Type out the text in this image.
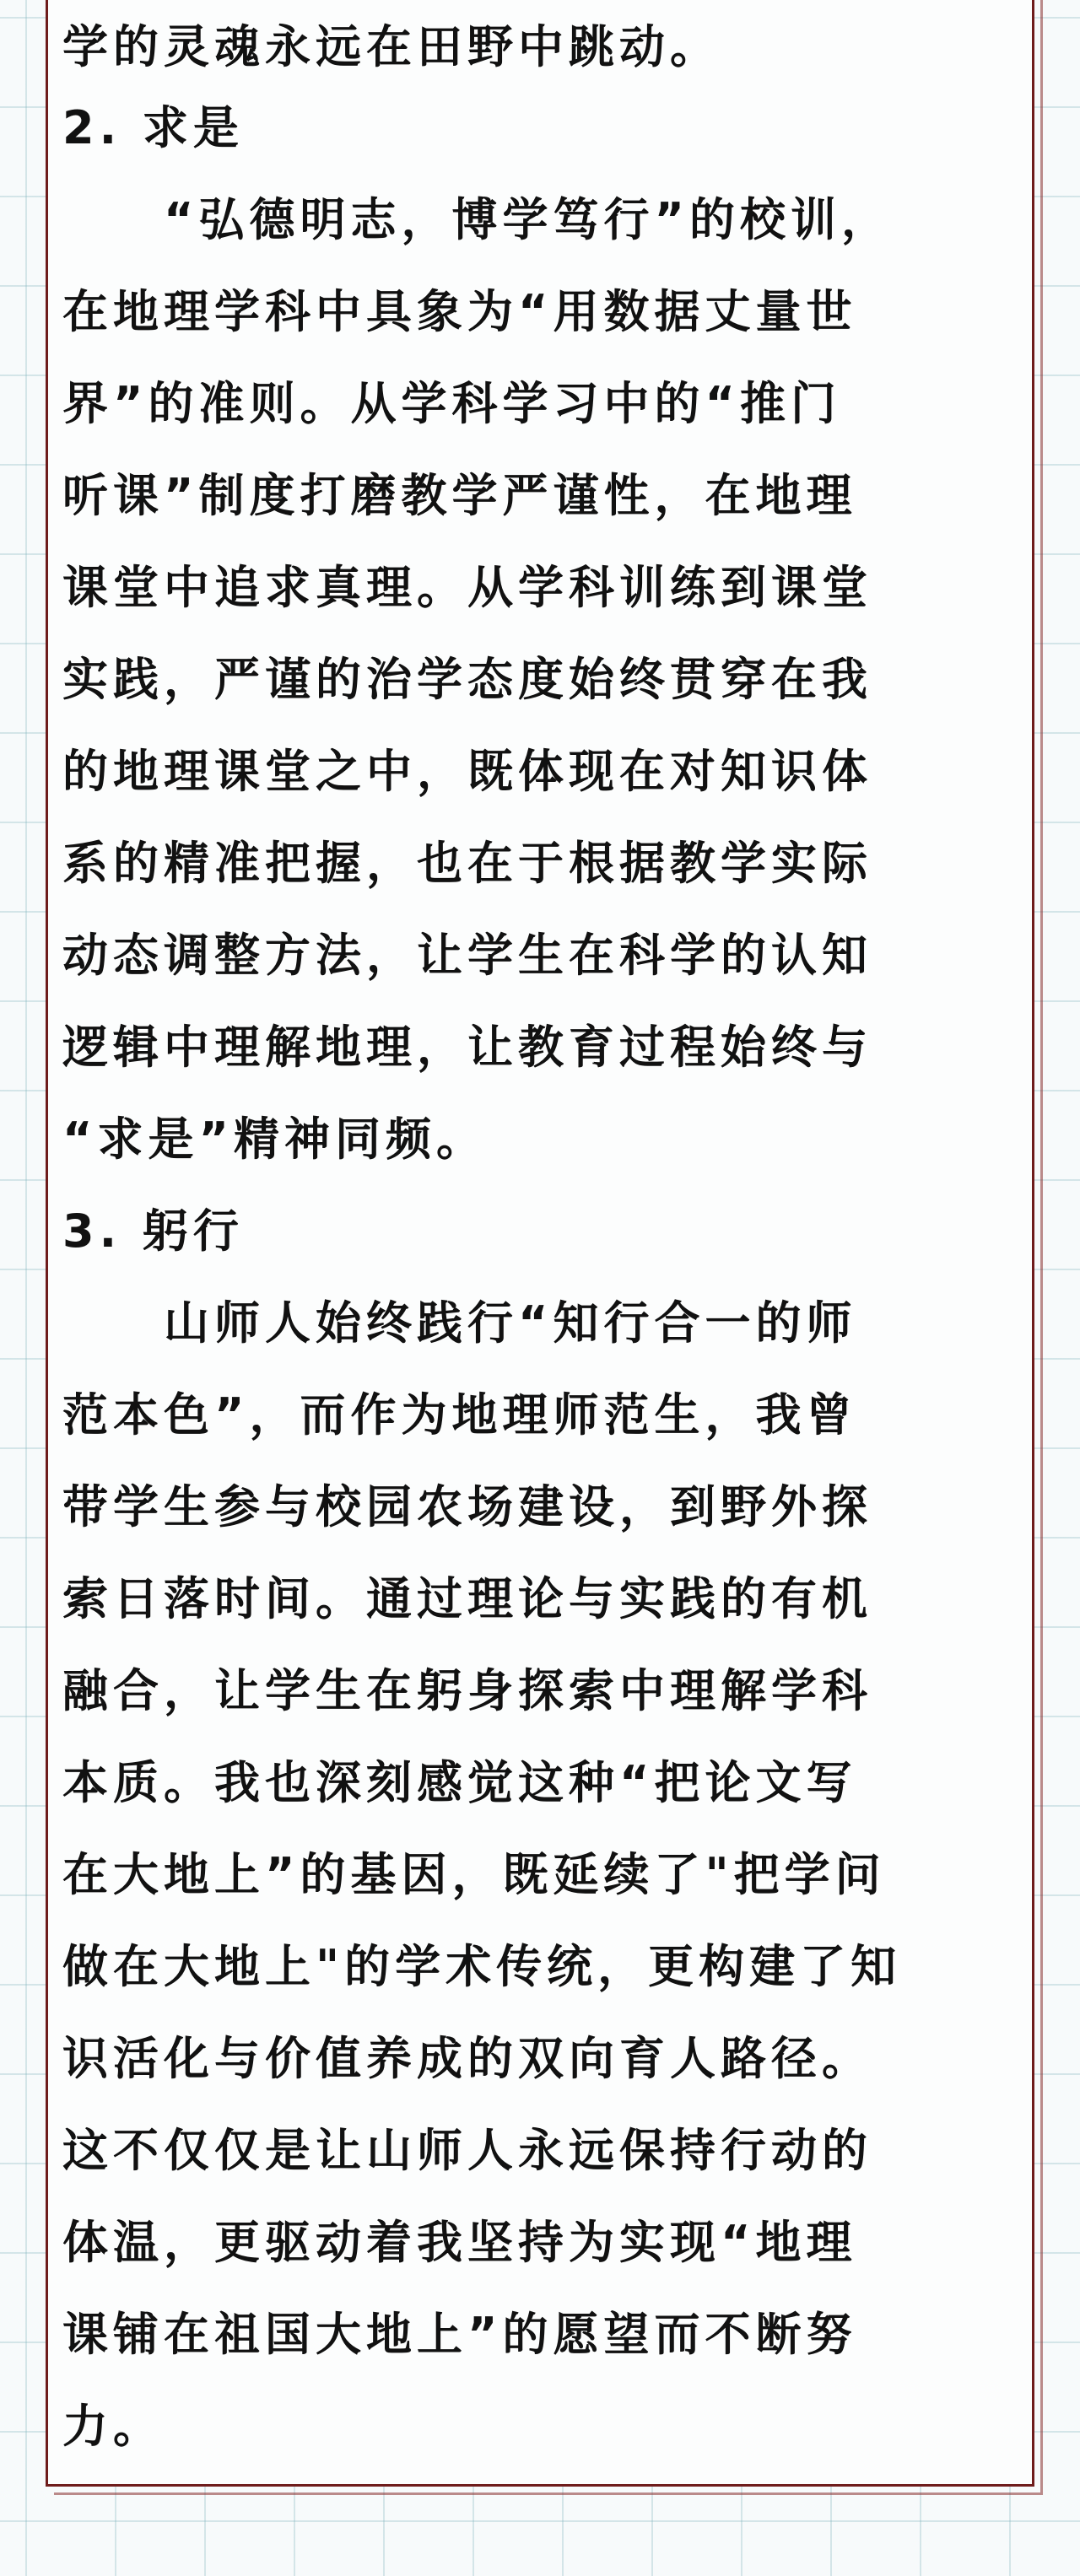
学的灵魂永远在田野中跳动。
2. 求是
　　“弘德明志，博学笃行”的校训，
在地理学科中具象为“用数据丈量世
界”的准则。从学科学习中的“推门
听课”制度打磨教学严谨性，在地理
课堂中追求真理。从学科训练到课堂
实践，严谨的治学态度始终贯穿在我
的地理课堂之中，既体现在对知识体
系的精准把握，也在于根据教学实际
动态调整方法，让学生在科学的认知
逻辑中理解地理，让教育过程始终与
“求是”精神同频。
3. 躬行
　　山师人始终践行“知行合一的师
范本色”，而作为地理师范生，我曾
带学生参与校园农场建设，到野外探
索日落时间。通过理论与实践的有机
融合，让学生在躬身探索中理解学科
本质。我也深刻感觉这种“把论文写
在大地上”的基因，既延续了"把学问
做在大地上"的学术传统，更构建了知
识活化与价值养成的双向育人路径。
这不仅仅是让山师人永远保持行动的
体温，更驱动着我坚持为实现“地理
课铺在祖国大地上”的愿望而不断努
力。
